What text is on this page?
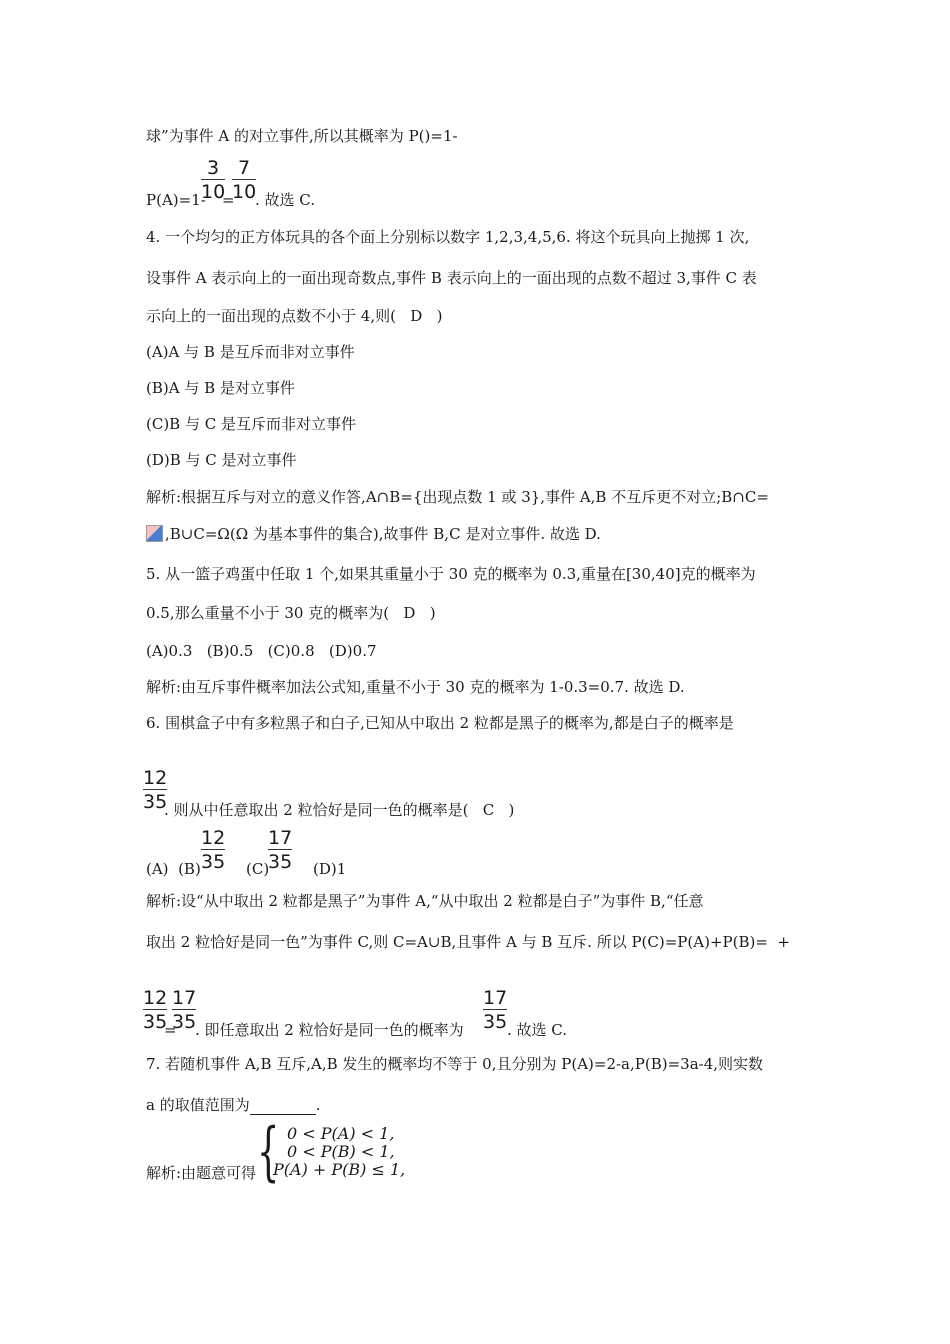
球”为事件 A 的对立事件,所以其概率为 P()=1-
3
10
7
10
P(A)=1- = . 故选 C.
4. 一个均匀的正方体玩具的各个面上分别标以数字 1,2,3,4,5,6. 将这个玩具向上抛掷 1 次,
设事件 A 表示向上的一面出现奇数点,事件 B 表示向上的一面出现的点数不超过 3,事件 C 表
示向上的一面出现的点数不小于 4,则(   D   )
(A)A 与 B 是互斥而非对立事件
(B)A 与 B 是对立事件
(C)B 与 C 是互斥而非对立事件
(D)B 与 C 是对立事件
解析:根据互斥与对立的意义作答,A∩B={出现点数 1 或 3},事件 A,B 不互斥更不对立;B∩C=
,B∪C=Ω(Ω 为基本事件的集合),故事件 B,C 是对立事件. 故选 D.
5. 从一篮子鸡蛋中任取 1 个,如果其重量小于 30 克的概率为 0.3,重量在[30,40]克的概率为
0.5,那么重量不小于 30 克的概率为(   D   )
(A)0.3   (B)0.5   (C)0.8   (D)0.7
解析:由互斥事件概率加法公式知,重量不小于 30 克的概率为 1-0.3=0.7. 故选 D.
6. 围棋盒子中有多粒黑子和白子,已知从中取出 2 粒都是黑子的概率为,都是白子的概率是
12
35
. 则从中任意取出 2 粒恰好是同一色的概率是(   C   )
(A)  (B)
12
35 (C)
17
35 (D)1
解析:设“从中取出 2 粒都是黑子”为事件 A,“从中取出 2 粒都是白子”为事件 B,“任意
取出 2 粒恰好是同一色”为事件 C,则 C=A∪B,且事件 A 与 B 互斥. 所以 P(C)=P(A)+P(B)=  +
12
35
=
17
35
. 即任意取出 2 粒恰好是同一色的概率为
17
35 . 故选 C.
7. 若随机事件 A,B 互斥,A,B 发生的概率均不等于 0,且分别为 P(A)=2-a,P(B)=3a-4,则实数
a 的取值范围为	.
解析:由题意可得 { 0 < P(A) < 1,
0 < P(B) < 1,
P(A) + P(B) ≤ 1,
